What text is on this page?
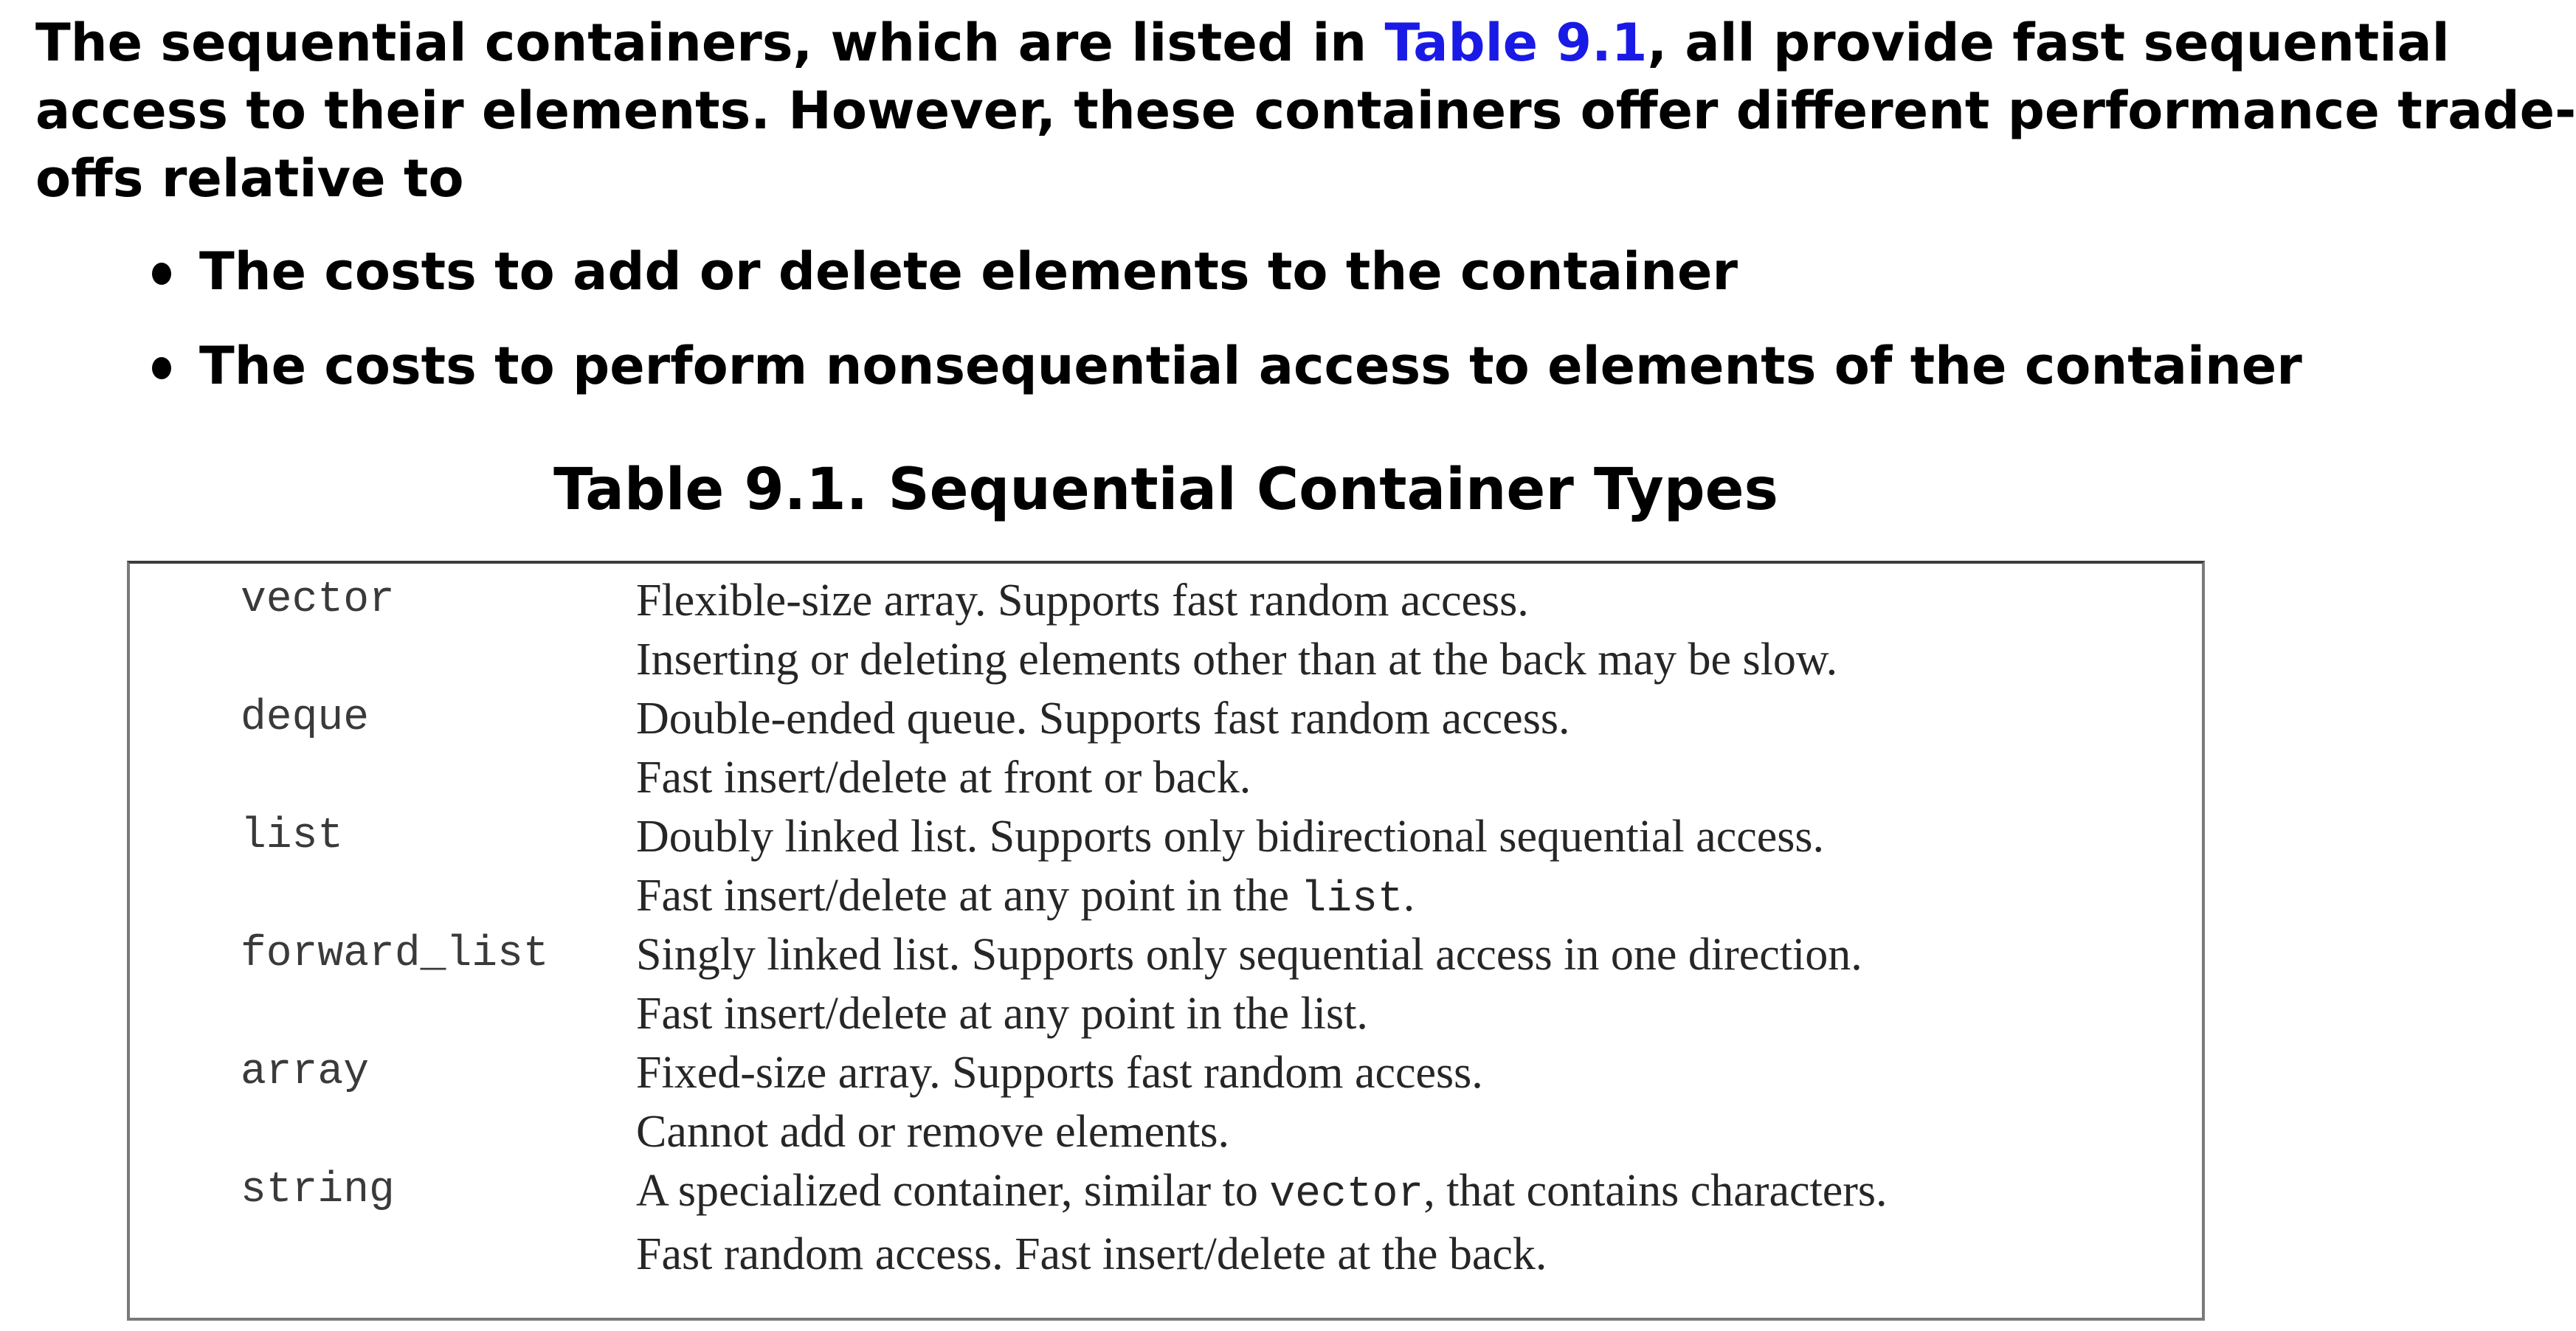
The sequential containers, which are listed in Table 9.1, all provide fast sequential
access to their elements. However, these containers offer different performance trade-
offs relative to

The costs to add or delete elements to the container
The costs to perform nonsequential access to elements of the container
Table 9.1. Sequential Container Types
vector	Flexible-size array. Supports fast random access.
Inserting or deleting elements other than at the back may be slow.
deque	Double-ended queue. Supports fast random access.
Fast insert/delete at front or back.
list	Doubly linked list. Supports only bidirectional sequential access.
Fast insert/delete at any point in the list.
forward_list Singly linked list. Supports only sequential access in one direction.
Fast insert/delete at any point in the list.
array	Fixed-size array. Supports fast random access.
Cannot add or remove elements.
string	A specialized container, similar to vector, that contains characters.
Fast random access. Fast insert/delete at the back.
